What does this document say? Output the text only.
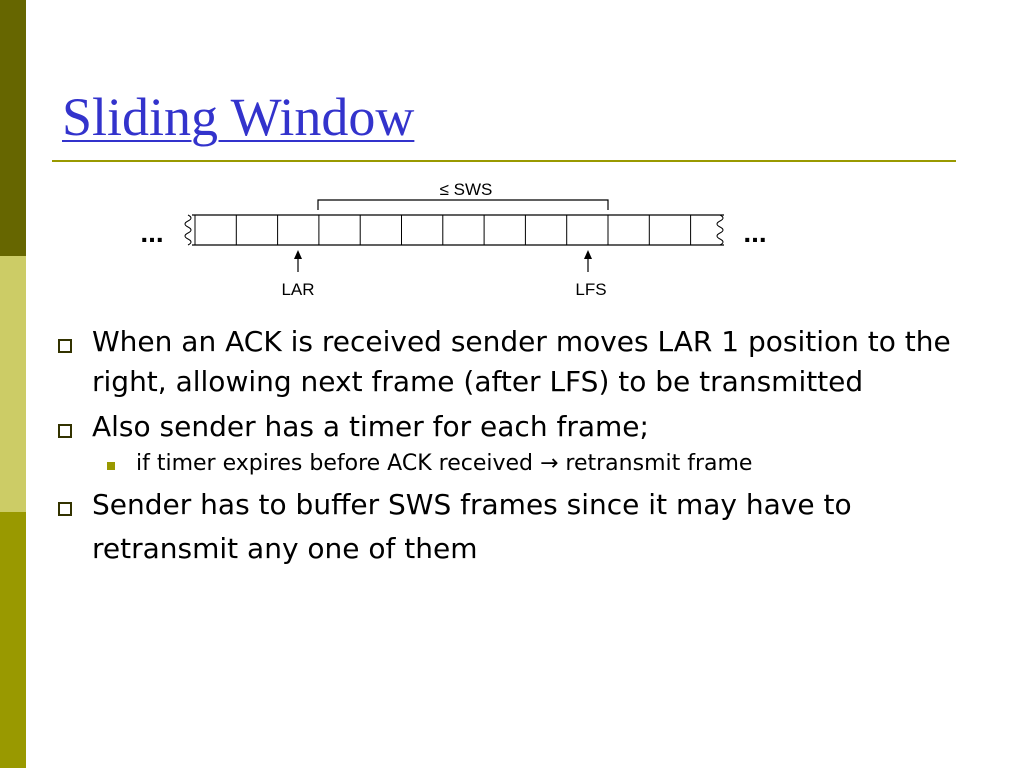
Sliding Window
≤ SWS
...	...
LAR	LFS
When an ACK is received sender moves LAR 1 position to the right, allowing next frame (after LFS) to be transmitted
Also sender has a timer for each frame;
if timer expires before ACK received → retransmit frame
Sender has to buffer SWS frames since it may have to retransmit any one of them
